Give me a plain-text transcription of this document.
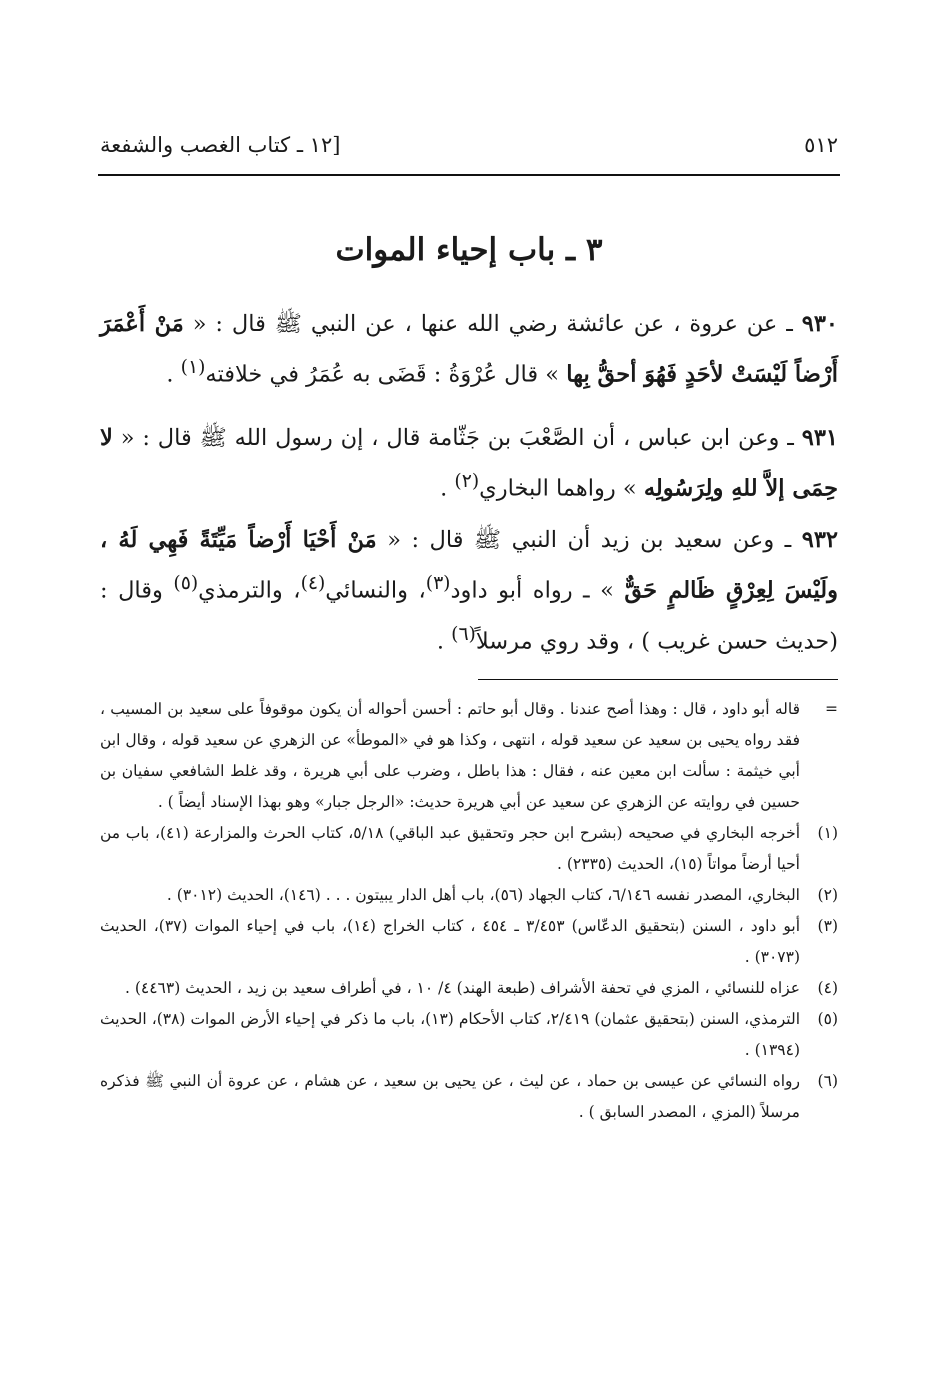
٥١٢
[١٢ ـ كتاب الغصب والشفعة
٣ ـ باب إحياء الموات
٩٣٠ ـ عن عروة ، عن عائشة رضي الله عنها ، عن النبي ﷺ قال : « مَنْ أَعْمَرَ أَرْضاً لَيْسَتْ لأحَدٍ فَهُوَ أحقُّ بِها » قال عُرْوَةُ : قَضَى به عُمَرُ في خلافته$^{(١)}$ .
٩٣١ ـ وعن ابن عباس ، أن الصَّعْبَ بن جَثّامة قال ، إن رسول الله ﷺ قال : « لا حِمَى إلاَّ للهِ ولِرَسُولِه » رواهما البخاري$^{(٢)}$ .
٩٣٢ ـ وعن سعيد بن زيد أن النبي ﷺ قال : « مَنْ أَحْيَا أَرْضاً مَيِّتَةً فَهِي لَهُ ، ولَيْسَ لِعِرْقٍ ظَالمٍ حَقٌّ » ـ رواه أبو داود$^{(٣)}$، والنسائي$^{(٤)}$، والترمذي$^{(٥)}$ وقال : (حديث حسن غريب ) ، وقد روي مرسلاً$^{(٦)}$ .
=
قاله أبو داود ، قال : وهذا أصح عندنا . وقال أبو حاتم : أحسن أحواله أن يكون موقوفاً على سعيد بن المسيب ، فقد رواه يحيى بن سعيد عن سعيد قوله ، انتهى ، وكذا هو في «الموطأ» عن الزهري عن سعيد قوله ، وقال ابن أبي خيثمة : سألت ابن معين عنه ، فقال : هذا باطل ، وضرب على أبي هريرة ، وقد غلط الشافعي سفيان بن حسين في روايته عن الزهري عن سعيد عن أبي هريرة حديث: «الرجل جبار» وهو بهذا الإسناد أيضاً ) .
(١)
أخرجه البخاري في صحيحه (بشرح ابن حجر وتحقيق عبد الباقي) ٥/١٨، كتاب الحرث والمزارعة (٤١)، باب من أحيا أرضاً مواتاً (١٥)، الحديث (٢٣٣٥) .
(٢)
البخاري، المصدر نفسه ٦/١٤٦، كتاب الجهاد (٥٦)، باب أهل الدار يبيتون . . . (١٤٦)، الحديث (٣٠١٢) .
(٣)
أبو داود ، السنن (بتحقيق الدعّاس) ٣/٤٥٣ ـ ٤٥٤ ، كتاب الخراج (١٤)، باب في إحياء الموات (٣٧)، الحديث (٣٠٧٣) .
(٤)
عزاه للنسائي ، المزي في تحفة الأشراف (طبعة الهند) ٤/ ١٠ ، في أطراف سعيد بن زيد ، الحديث (٤٤٦٣) .
(٥)
الترمذي، السنن (بتحقيق عثمان) ٢/٤١٩، كتاب الأحكام (١٣)، باب ما ذكر في إحياء الأرض الموات (٣٨)، الحديث (١٣٩٤) .
(٦)
رواه النسائي عن عيسى بن حماد ، عن ليث ، عن يحيى بن سعيد ، عن هشام ، عن عروة أن النبي ﷺ فذكره مرسلاً (المزي ، المصدر السابق ) .
